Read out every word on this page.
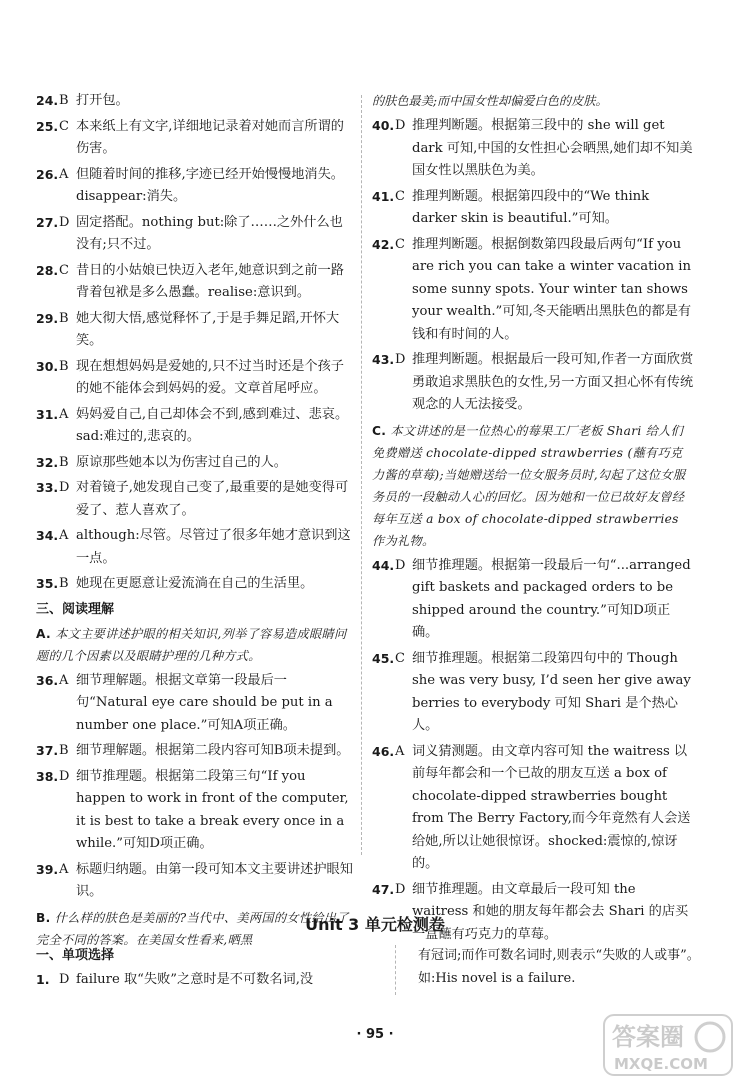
24. B 打开包。
25. C 本来纸上有文字,详细地记录着对她而言所谓的伤害。
26. A 但随着时间的推移,字迹已经开始慢慢地消失。disappear:消失。
27. D 固定搭配。nothing but:除了……之外什么也没有;只不过。
28. C 昔日的小姑娘已快迈入老年,她意识到之前一路背着包袱是多么愚蠢。realise:意识到。
29. B 她大彻大悟,感觉释怀了,于是手舞足蹈,开怀大笑。
30. B 现在想想妈妈是爱她的,只不过当时还是个孩子的她不能体会到妈妈的爱。文章首尾呼应。
31. A 妈妈爱自己,自己却体会不到,感到难过、悲哀。sad:难过的,悲哀的。
32. B 原谅那些她本以为伤害过自己的人。
33. D 对着镜子,她发现自己变了,最重要的是她变得可爱了、惹人喜欢了。
34. A although:尽管。尽管过了很多年她才意识到这一点。
35. B 她现在更愿意让爱流淌在自己的生活里。
三、阅读理解
A. 本文主要讲述护眼的相关知识,列举了容易造成眼睛问题的几个因素以及眼睛护理的几种方式。
36. A 细节理解题。根据文章第一段最后一句“Natural eye care should be put in a number one place.”可知A项正确。
37. B 细节理解题。根据第二段内容可知B项未提到。
38. D 细节推理题。根据第二段第三句“If you happen to work in front of the computer, it is best to take a break every once in a while.”可知D项正确。
39. A 标题归纳题。由第一段可知本文主要讲述护眼知识。
B. 什么样的肤色是美丽的?当代中、美两国的女性给出了完全不同的答案。在美国女性看来,晒黑
的肤色最美;而中国女性却偏爱白色的皮肤。
40. D 推理判断题。根据第三段中的 she will get dark 可知,中国的女性担心会晒黑,她们却不知美国女性以黑肤色为美。
41. C 推理判断题。根据第四段中的“We think darker skin is beautiful.”可知。
42. C 推理判断题。根据倒数第四段最后两句“If you are rich you can take a winter vacation in some sunny spots. Your winter tan shows your wealth.”可知,冬天能晒出黑肤色的都是有钱和有时间的人。
43. D 推理判断题。根据最后一段可知,作者一方面欣赏勇敢追求黑肤色的女性,另一方面又担心怀有传统观念的人无法接受。
C. 本文讲述的是一位热心的莓果工厂老板 Shari 给人们免费赠送 chocolate-dipped strawberries (蘸有巧克力酱的草莓);当她赠送给一位女服务员时,勾起了这位女服务员的一段触动人心的回忆。因为她和一位已故好友曾经每年互送 a box of chocolate-dipped strawberries 作为礼物。
44. D 细节推理题。根据第一段最后一句“...arranged gift baskets and packaged orders to be shipped around the country.”可知D项正确。
45. C 细节推理题。根据第二段第四句中的 Though she was very busy, I’d seen her give away berries to everybody 可知 Shari 是个热心人。
46. A 词义猜测题。由文章内容可知 the waitress 以前每年都会和一个已故的朋友互送 a box of chocolate-dipped strawberries bought from The Berry Factory,而今年竟然有人会送给她,所以让她很惊讶。shocked:震惊的,惊讶的。
47. D 细节推理题。由文章最后一段可知 the waitress 和她的朋友每年都会去 Shari 的店买一盒蘸有巧克力的草莓。
Unit 3 单元检测卷
一、单项选择
1. D failure 取“失败”之意时是不可数名词,没
有冠词;而作可数名词时,则表示“失败的人或事”。如:His novel is a failure.
· 95 ·	答案圈
MXQE.COM
